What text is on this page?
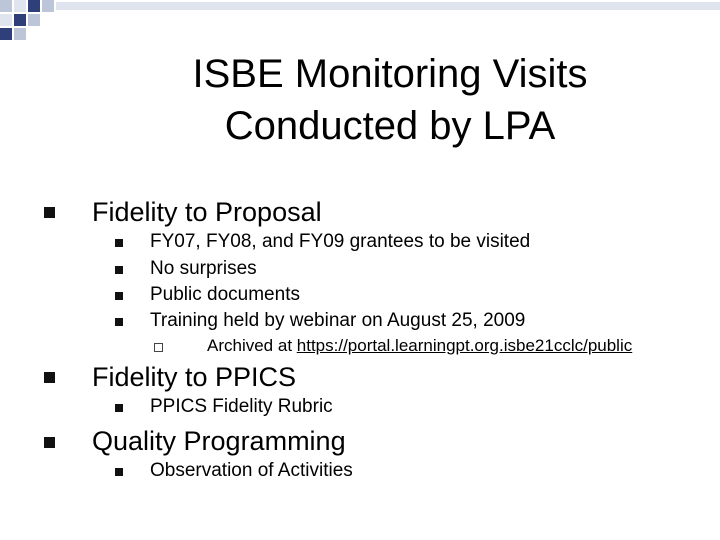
ISBE Monitoring Visits
Conducted by LPA
Fidelity to Proposal
FY07, FY08, and FY09 grantees to be visited
No surprises
Public documents
Training held by webinar on August 25, 2009
Archived at https://portal.learningpt.org.isbe21cclc/public
Fidelity to PPICS
PPICS Fidelity Rubric
Quality Programming
Observation of Activities
